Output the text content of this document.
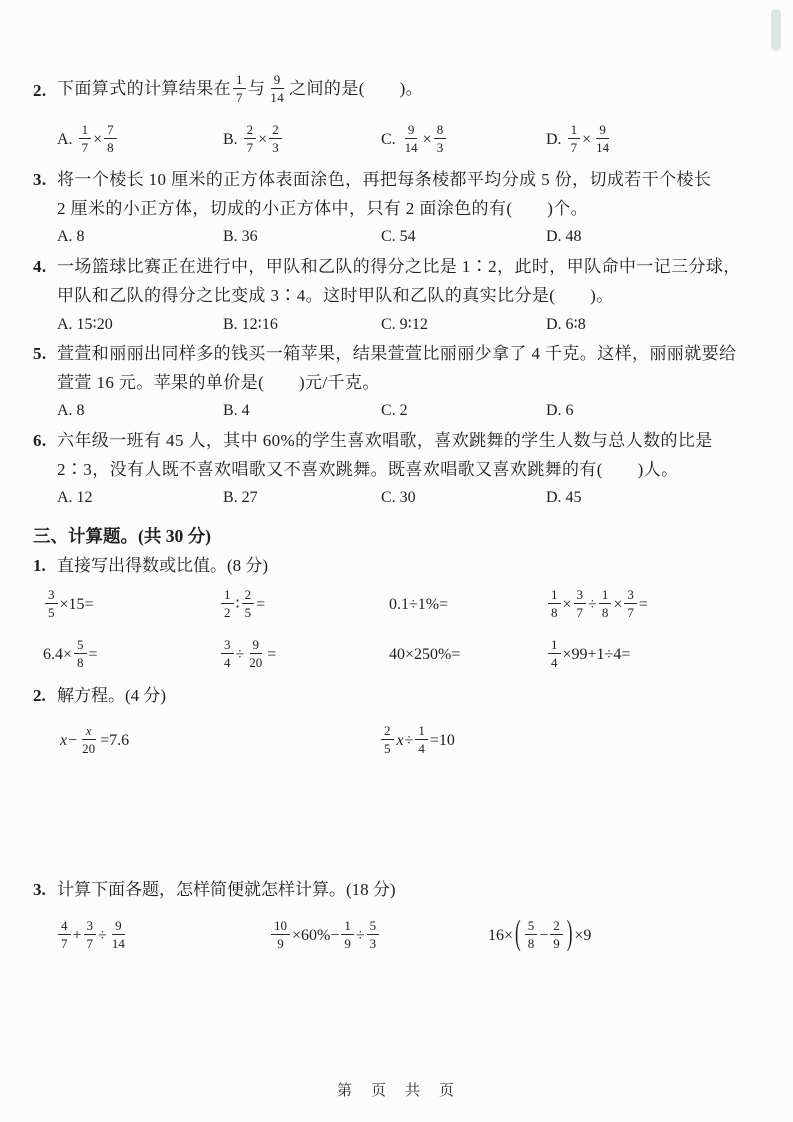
2. 下面算式的计算结果在 $\frac{1}{7}$ 与 $\frac{9}{14}$ 之间的是(　　)。
A. $\frac{1}{7} \times \frac{7}{8}$	B. $\frac{2}{7} \times \frac{2}{3}$	C. $\frac{9}{14} \times \frac{8}{3}$	D. $\frac{1}{7} \times \frac{9}{14}$
3. 将一个棱长 10 厘米的正方体表面涂色，再把每条棱都平均分成 5 份，切成若干个棱长
2 厘米的小正方体，切成的小正方体中，只有 2 面涂色的有(　　)个。
A. 8	B. 36	C. 54	D. 48
4. 一场篮球比赛正在进行中，甲队和乙队的得分之比是 1∶2，此时，甲队命中一记三分球，
甲队和乙队的得分之比变成 3∶4。这时甲队和乙队的真实比分是(　　)。
A. 15∶20	B. 12∶16	C. 9∶12	D. 6∶8
5. 萱萱和丽丽出同样多的钱买一箱苹果，结果萱萱比丽丽少拿了 4 千克。这样，丽丽就要给
萱萱 16 元。苹果的单价是(　　)元/千克。
A. 8	B. 4	C. 2	D. 6
6. 六年级一班有 45 人，其中 60%的学生喜欢唱歌，喜欢跳舞的学生人数与总人数的比是
2∶3，没有人既不喜欢唱歌又不喜欢跳舞。既喜欢唱歌又喜欢跳舞的有(　　)人。
A. 12	B. 27	C. 30	D. 45
三、计算题。(共 30 分)
1. 直接写出得数或比值。(8 分)
$\frac{3}{5} \times 15=$	$\frac{1}{2}$ ∶ $\frac{2}{5}$ =	0.1÷1%=	$\frac{1}{8} \times \frac{3}{7} \div \frac{1}{8} \times \frac{3}{7}$ =
$6.4\times \frac{5}{8}$ =	$\frac{3}{4} \div \frac{9}{20}$ =	40×250%=	$\frac{1}{4} \times 99+1\div 4=$
2. 解方程。(4 分)
$x- \frac{x}{20} =7.6$	$\frac{2}{5} x\div \frac{1}{4} =10$
3. 计算下面各题，怎样简便就怎样计算。(18 分)
$\frac{4}{7} + \frac{3}{7} \div \frac{9}{14}$	$\frac{10}{9} \times 60\%- \frac{1}{9} \div \frac{5}{3}$	16× ( $\frac{5}{8} - \frac{2}{9}$ ) ×9
第　页　共　页
